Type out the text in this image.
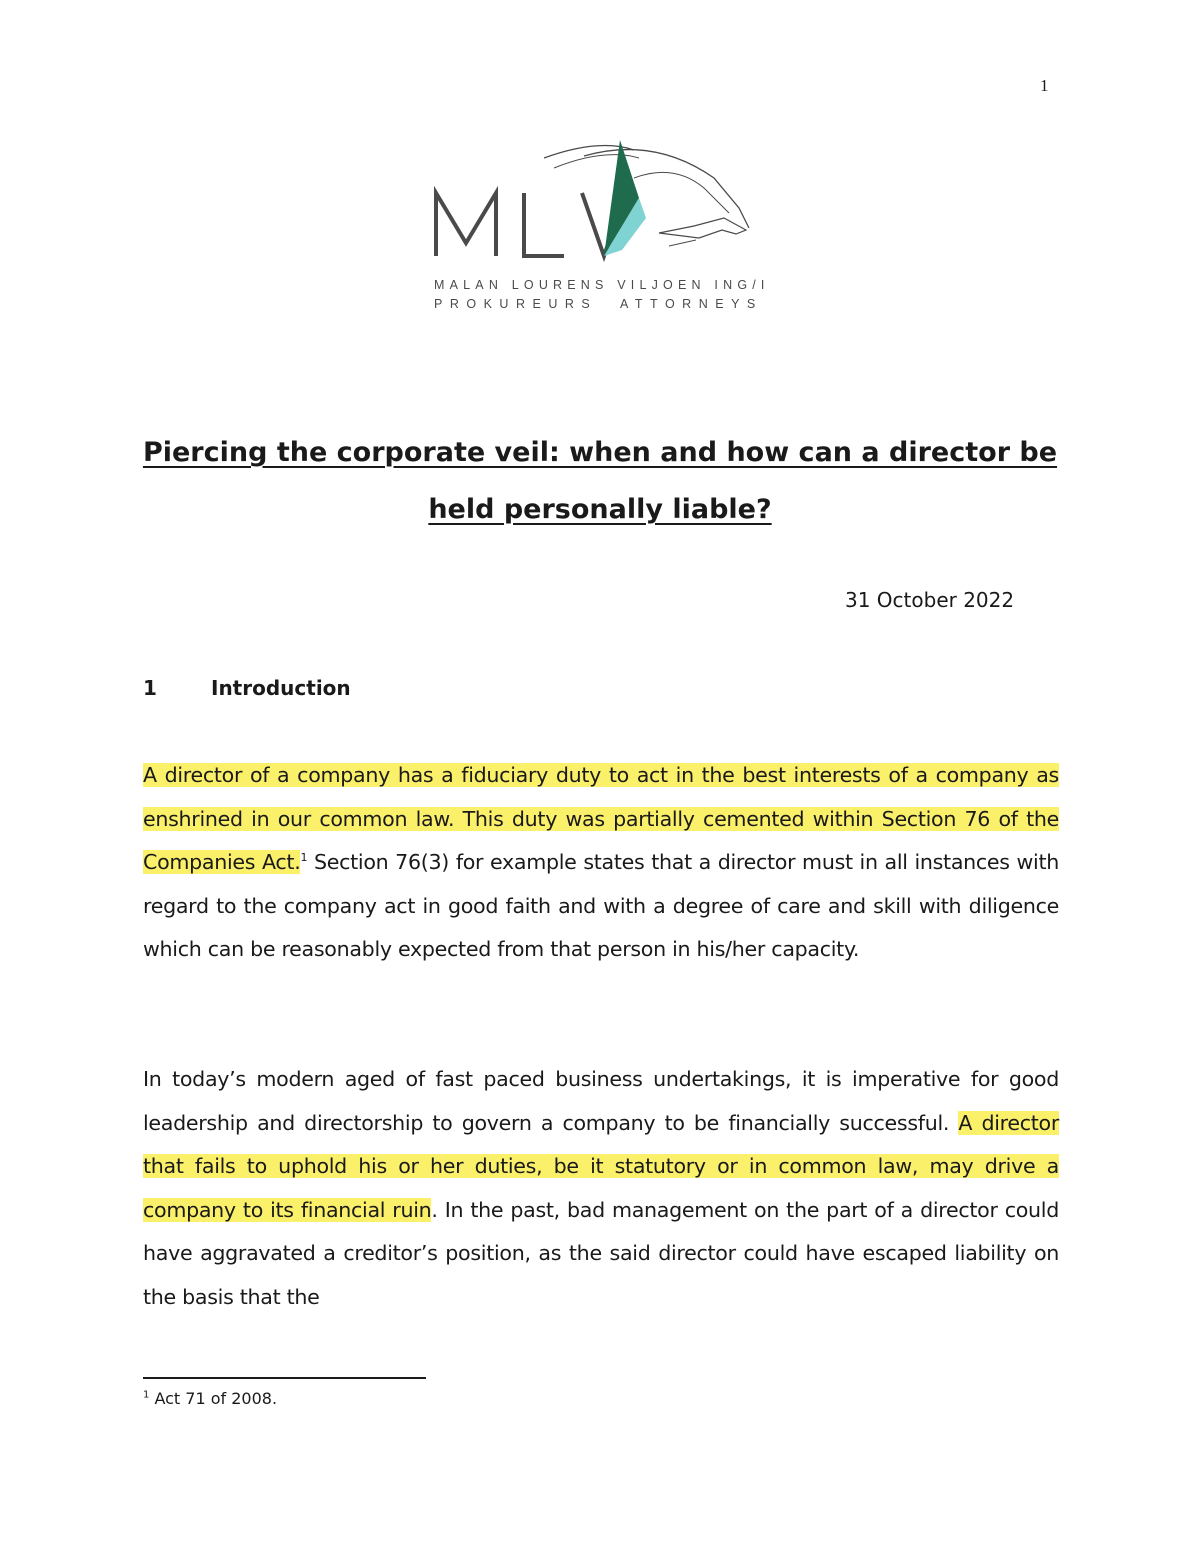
1
MLV
MALAN LOURENS VILJOEN ING/INC
PROKUREURS ATTORNEYS
Piercing the corporate veil: when and how can a director be held personally liable?
31 October 2022
1	Introduction

A director of a company has a fiduciary duty to act in the best interests of a company as enshrined in our common law. This duty was partially cemented within Section 76 of the Companies Act.$^1$ Section 76(3) for example states that a director must in all instances with regard to the company act in good faith and with a degree of care and skill with diligence which can be reasonably expected from that person in his/her capacity.

In today’s modern aged of fast paced business undertakings, it is imperative for good leadership and directorship to govern a company to be financially successful. A director that fails to uphold his or her duties, be it statutory or in common law, may drive a company to its financial ruin. In the past, bad management on the part of a director could have aggravated a creditor’s position, as the said director could have escaped liability on the basis that the

$^1$ Act 71 of 2008.
